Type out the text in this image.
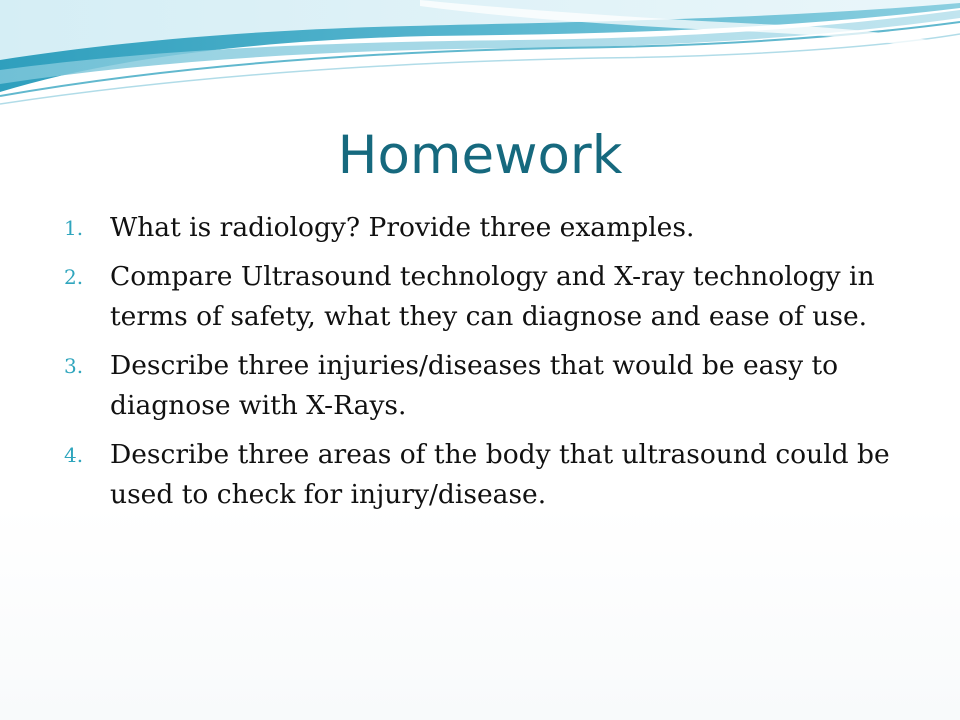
Homework
1.	What is radiology? Provide three examples.
2.	Compare Ultrasound technology and X-ray technology in terms of safety, what they can diagnose and ease of use.
3.	Describe three injuries/diseases that would be easy to diagnose with X-Rays.
4.	Describe three areas of the body that ultrasound could be used to check for injury/disease.
